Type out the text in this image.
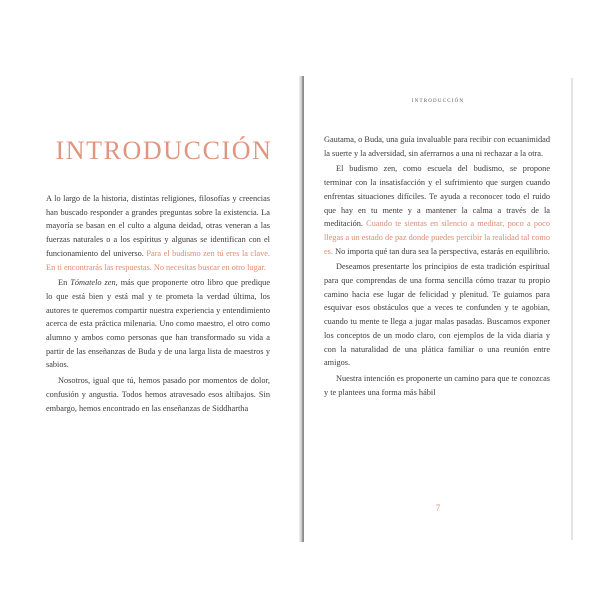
INTRODUCCIÓN

A lo largo de la historia, distintas religiones, filosofías y creencias han buscado responder a grandes preguntas sobre la existencia. La mayoría se basan en el culto a alguna deidad, otras veneran a las fuerzas naturales o a los espíritus y algunas se identifican con el funcionamiento del universo. Para el budismo zen tú eres la clave. En ti encontrarás las respuestas. No necesitas buscar en otro lugar.

En Tómatelo zen, más que proponerte otro libro que predique lo que está bien y está mal y te prometa la verdad última, los autores te queremos compartir nuestra experiencia y entendimiento acerca de esta práctica milenaria. Uno como maestro, el otro como alumno y ambos como personas que han transformado su vida a partir de las enseñanzas de Buda y de una larga lista de maestros y sabios.

Nosotros, igual que tú, hemos pasado por momentos de dolor, confusión y angustia. Todos hemos atravesado esos altibajos. Sin embargo, hemos encontrado en las enseñanzas de Siddhartha

INTRODUCCIÓN

Gautama, o Buda, una guía invaluable para recibir con ecuanimidad la suerte y la adversidad, sin aferrarnos a una ni rechazar a la otra.

El budismo zen, como escuela del budismo, se propone terminar con la insatisfacción y el sufrimiento que surgen cuando enfrentas situaciones difíciles. Te ayuda a reconocer todo el ruido que hay en tu mente y a mantener la calma a través de la meditación. Cuando te sientas en silencio a meditar, poco a poco llegas a un estado de paz donde puedes percibir la realidad tal como es. No importa qué tan dura sea la perspectiva, estarás en equilibrio.

Deseamos presentarte los principios de esta tradición espiritual para que comprendas de una forma sencilla cómo trazar tu propio camino hacia ese lugar de felicidad y plenitud. Te guiamos para esquivar esos obstáculos que a veces te confunden y te agobian, cuando tu mente te llega a jugar malas pasadas. Buscamos exponer los conceptos de un modo claro, con ejemplos de la vida diaria y con la naturalidad de una plática familiar o una reunión entre amigos.

Nuestra intención es proponerte un camino para que te conozcas y te plantees una forma más hábil

7
